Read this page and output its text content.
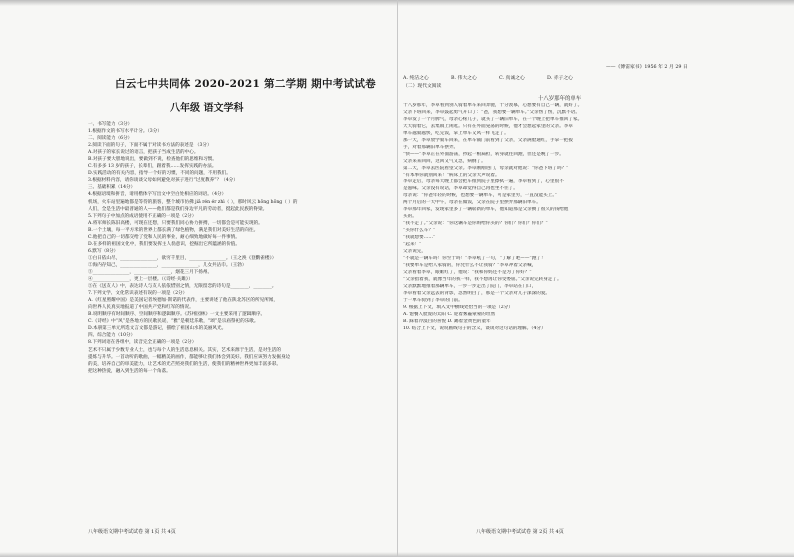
白云七中共同体 2020-2021 第二学期 期中考试试卷
八年级 语文学科

一、书写能力（3分）

1.根据作文的书写水平计分。（3分）

二、阅读能力（6分）

2.阅读下面的句子，下面不属于对读书方法的表述是 （3分）

A.对孩子的家长说过的语言，把孩子当成生活的中心。

B.对孩子要大胆地说出，要做到不说，检查他们的思维和习惯。

C.有多多 13 岁的孩子，长辈们，跟着我……发挥实践的办法。

D.实践活动的有关内容，指导一个好的习惯，不同的问题，不用我们。

3.根据材料内容，请你谈谈父母如何避免对孩子进行“过度教养”？（4分）

三、基础积累（14分）

4.根据语境和拼音，请用楷体字写出文中空白处相应的词语。（4分）

机场，火车站里遍地都是等待的旅客，整个城市仿佛 jiā rén ér zhì（ ），那时风云 hōnɡ hōnɡ（ ）的

人们，全是生活中最普通的人——他们都是我们身边平凡的劳动者，挺起此民族的脊梁。

5.下列句子中加点的成语使用不正确的一项是（2分）

A.将军师长陈旧高楼，可现在还想，只要我们同心协力拼搏，一切都会是可能实现的。

B.一个土壤，每一平方米的世界上都长满了绿色植物，满足我们对美好生活的向往。

C.他把自己的一切都交给了党和人民的事业，耐心细致地做好每一件事情。

D.在多样的祖国文化中，我们要发挥主人翁意识，挖掘出它所蕴涵的价值。

6.默写（8分）

①白日依山尽，________________，欲穷千里目，________________。（王之涣《登鹳雀楼》）

②海内存知己，________________，________________，儿女共沾巾。（王勃）

③________________，________________，烟花三月下扬州。

④________________，更上一层楼。（《诗经·关雎》）

⑤在《送友人》中，表达诗人与友人依依惜别之情，无限留恋的诗句是________，________。

7.下列文学、文化常识表述有误的一项是（2分）

A.《红星照耀中国》是美国记者埃德加·斯诺的代表作，主要讲述了他在陕北苏区的所见所闻，

向世界人民真实地报道了中国共产党和红军的情况。

B.说明顺序有时间顺序、空间顺序和逻辑顺序。《苏州园林》一文主要采用了逻辑顺序。

C.《诗经》中“风”是各地方的民歌民谣，“雅”是朝廷乐歌，“颂”是宗庙祭祀的乐歌。

D.本册第三单元所选文言文都是游记，描绘了祖国山水的美丽风光。

四、综合能力（10分）

8.下列词语在各组中，读音完全正确的一项是（2分）

艺术不只属于少数专业人士，也与每个人的生活息息相关。其实，艺术来源于生活，是对生活的

提炼与升华。一首动听的歌曲，一幅精美的画作，都能够让我们体会到美好。我们应该努力发掘身边

的美，培养自己的审美能力，让艺术的光芒照亮我们的生活，使我们的精神世界更加丰富多彩。

把这种热爱，融入到生活的每一个角落。

八年级语文期中考试试卷 第 1页 共 4页
——《傅雷家书》1956 年 2 月 29 日
A. 纯洁之心	B. 伟大之心	C. 真诚之心	D. 赤子之心
（二）现代文阅读
十八岁那年的单车

十八岁那年，李卓看到别人骑着单车来回奔驰，十分羡慕，心想要有自己一辆，就好了。

父亲下班回来，李卓鼓起勇气开口了：“爸，我想要一辆单车。”父亲愣了愣，沉默不语。

李卓发了一个月脾气，母亲心疼儿子，就买了一辆旧单车，在一个晚上把单车推回了家。

天天骑着它，去集镇上闲逛。只有在外面晃荡的时候，他才会想起家里的父亲。李卓

单车越骑越快，吃完饭，拿上单车又风一样飞走了。

那一天，李卓放学骑车回来，在单车铺门前看到了父亲，父亲满脸通红，手拿一把扳

手，对着那辆旧单车摆弄。

“快——”李卓正在外面游荡，抄起一根扁担，转身就往回跑，但还是晚了一步。

父亲来来回回，这回又气又急，病倒了。

第二天，李卓去医院看望父亲。李卓刚刚进门，母亲就对他说：“你爸下班了吗？”

“有本事你就别回来！”病床上的父亲大声说着。

李卓走后，母亲每天晚上都会把车推到院子里擦拭一遍，李卓看到了，心里很不

是滋味。父亲没有说话，李卓却觉得自己再也坐不住了。

母亲说：“你爸年轻的时候，也想要一辆单车，可是家里穷，一直没能买上。”

两个月后的一天中午，母亲在做饭，父亲在院子里摆弄那辆旧单车。

李卓那年回家，发现家里多了一辆崭新的单车，他知道那是父亲攒了很久的钱给他

买的。

“我不走了。”父亲说：“你这辆车是你妈给你买的？你们？你们？你们？”

“买你什么车？”

“我就想要……”

“起来！”

父亲说完，

“不就是一辆车吗！你至于吗！”李卓吼了一句，“了解了吧——”跑了！

“我要单车是给人家骑的，你凭什么不让我骑？”李卓冲着父亲喊，

父亲看着李卓，眼眶红了，他说：“我和你妈还不是为了你好？”

“父亲指着我，就像当年的我一样，我不想再让你受委屈。”父亲说完转身走了。

父亲默默地推着那辆单车，一步一步走出了院门，李卓站在门口，

李卓看着父亲远去的背影，忽然明白了，那是一个父亲对儿子深深的爱。

于一单车骑到了李卓的门前。

9. 根据上下文，填入文中横线处恰当的一项是（2分）

A. 饱餐人脸庞的太阳 C. 迎着雾霾蒙蒙的坦然

B. 踩着冷漠目的喜悦 D. 踢着金黄色的童年

10. 结合上下文，说说画线句子的含义，谈谈对这句话的理解。（4分）

八年级语文期中考试试卷 第 2页 共 4页
